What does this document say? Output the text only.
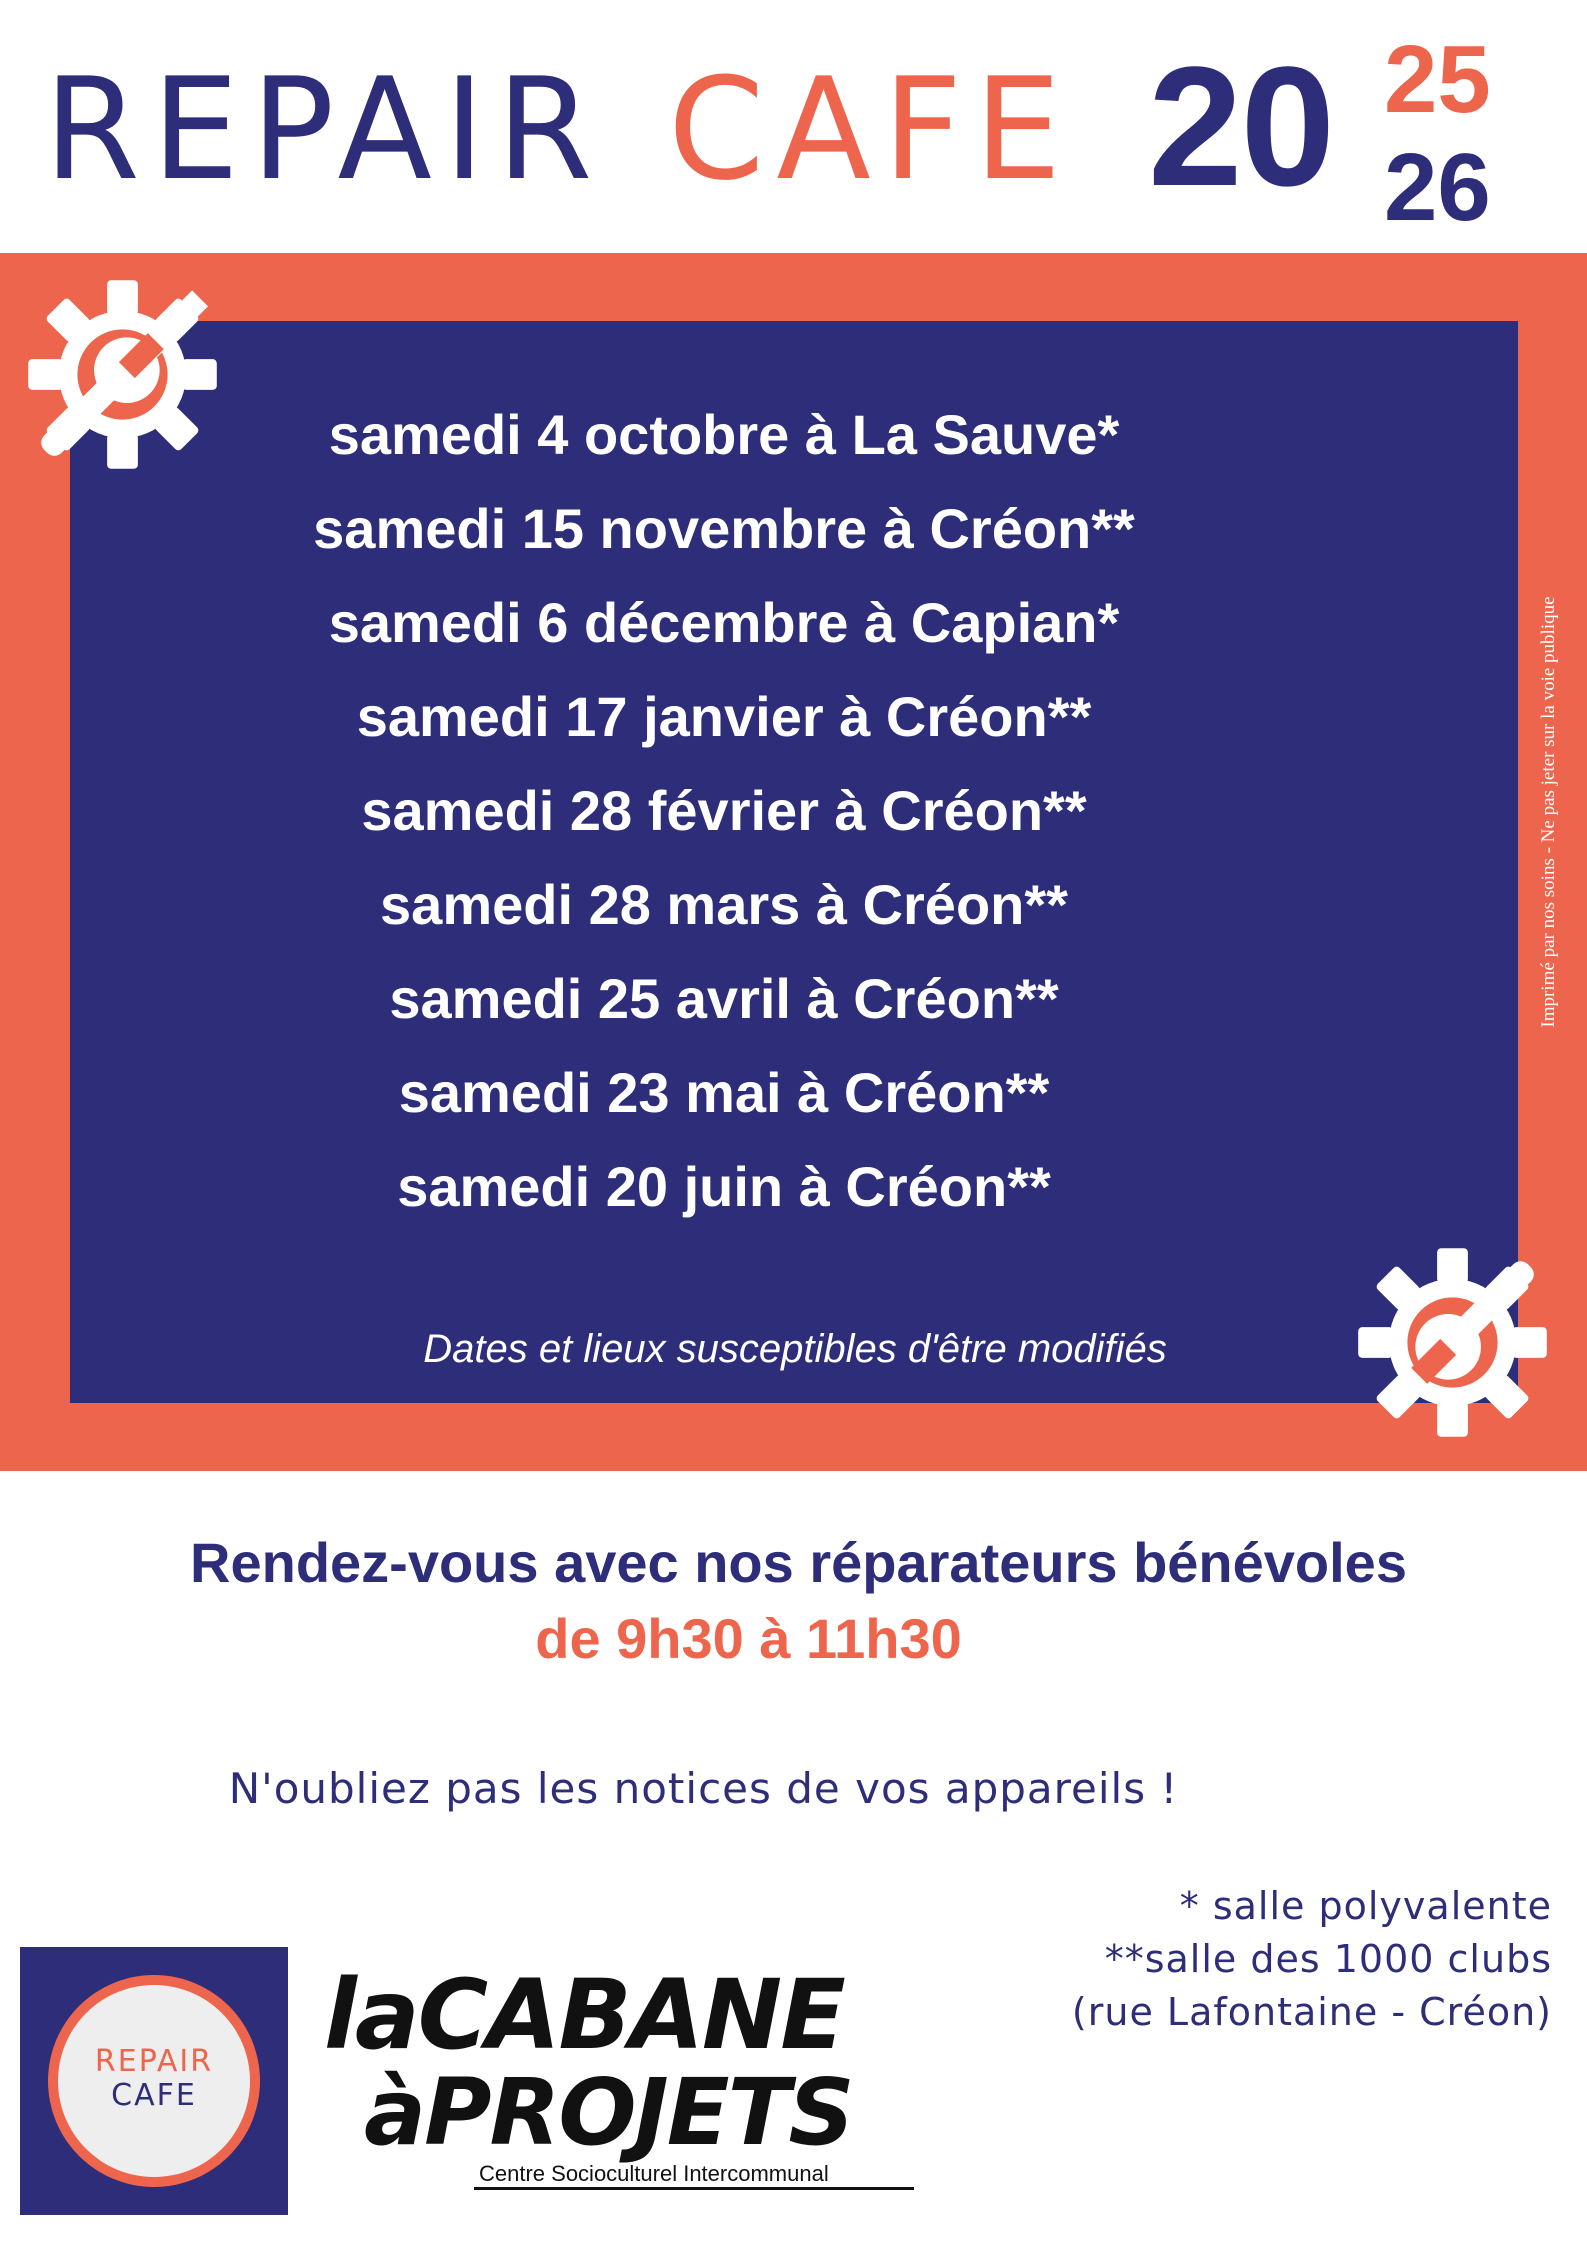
REPAIR CAFE 20 25
26
samedi 4 octobre à La Sauve*
samedi 15 novembre à Créon**
samedi 6 décembre à Capian*
samedi 17 janvier à Créon**
samedi 28 février à Créon**
samedi 28 mars à Créon**
samedi 25 avril à Créon**
samedi 23 mai à Créon**
samedi 20 juin à Créon**
Dates et lieux susceptibles d'être modifiés
Imprimé par nos soins - Ne pas jeter sur la voie publique
Rendez-vous avec nos réparateurs bénévoles
de 9h30 à 11h30
N'oubliez pas les notices de vos appareils !
* salle polyvalente
**salle des 1000 clubs
(rue Lafontaine - Créon)
REPAIR
CAFE
laCABANE
àPROJETS
Centre Socioculturel Intercommunal
